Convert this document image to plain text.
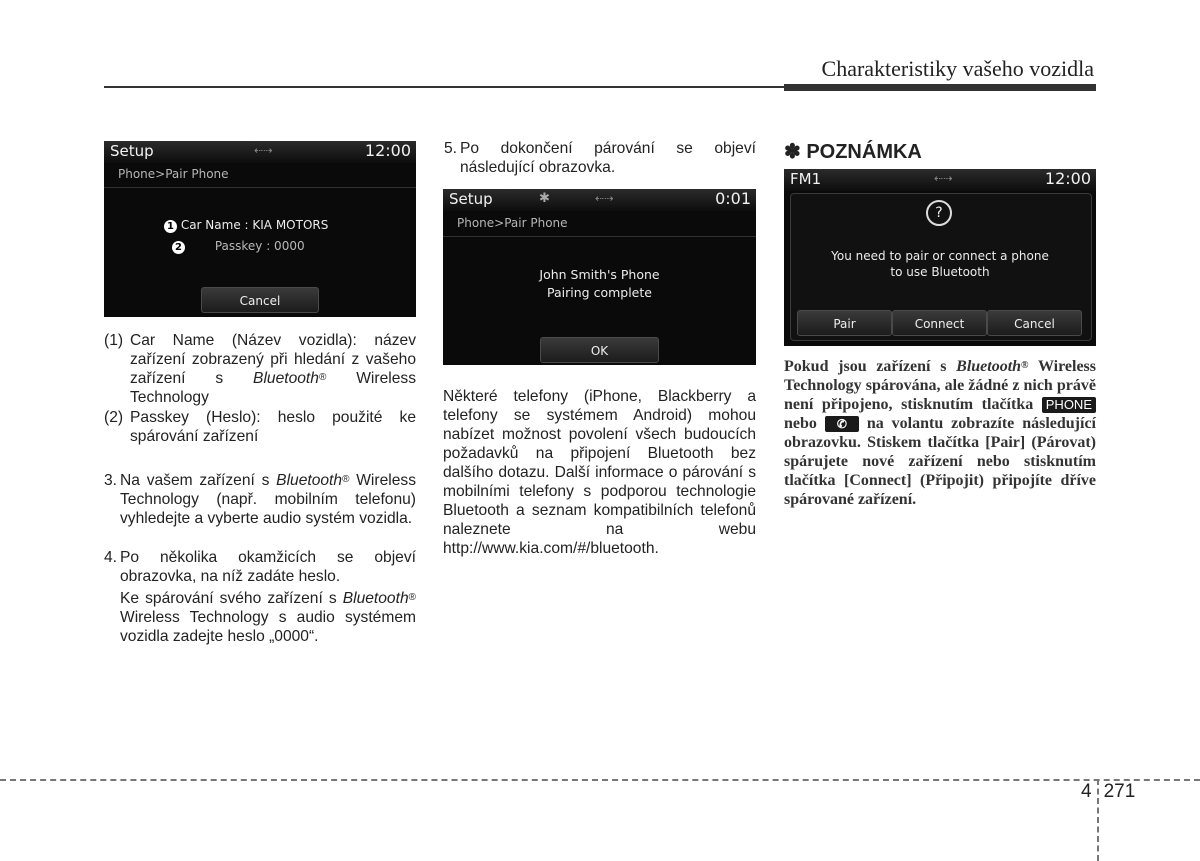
Charakteristiky vašeho vozidla
Setup	⇠⇢	12:00
Phone>Pair Phone
1 Car Name : KIA MOTORS
2	Passkey : 0000
Cancel
(1) Car Name (Název vozidla): název zařízení zobrazený při hledání z vašeho zařízení s Bluetooth® Wireless Technology
(2) Passkey (Heslo): heslo použité ke spárování zařízení
3. Na vašem zařízení s Bluetooth® Wireless Technology (např. mobilním telefonu) vyhledejte a vyberte audio systém vozidla.
4. Po několika okamžicích se objeví obrazovka, na níž zadáte heslo.
Ke spárování svého zařízení s Bluetooth® Wireless Technology s audio systémem vozidla zadejte heslo „0000“.
5. Po dokončení párování se objeví následující obrazovka.
Setup	✱	⇠⇢	0:01
Phone>Pair Phone
John Smith's Phone
Pairing complete
OK
Některé telefony (iPhone, Blackberry a telefony se systémem Android) mohou nabízet možnost povolení všech budoucích požadavků na připojení Bluetooth bez dalšího dotazu. Další informace o párování s mobilními telefony s podporou technologie Bluetooth a seznam kompatibilních telefonů naleznete na webu http://www.kia.com/#/bluetooth.
✽ POZNÁMKA
FM1	⇠⇢	12:00
?
You need to pair or connect a phone
to use Bluetooth
Pair	Connect	Cancel
Pokud jsou zařízení s Bluetooth® Wireless Technology spárována, ale žádné z nich právě není připojeno, stisknutím tlačítka PHONE nebo ✆ na volantu zobrazíte následující obrazovku. Stiskem tlačítka [Pair] (Párovat) spárujete nové zařízení nebo stisknutím tlačítka [Connect] (Připojit) připojíte dříve spárované zařízení.
4 271
